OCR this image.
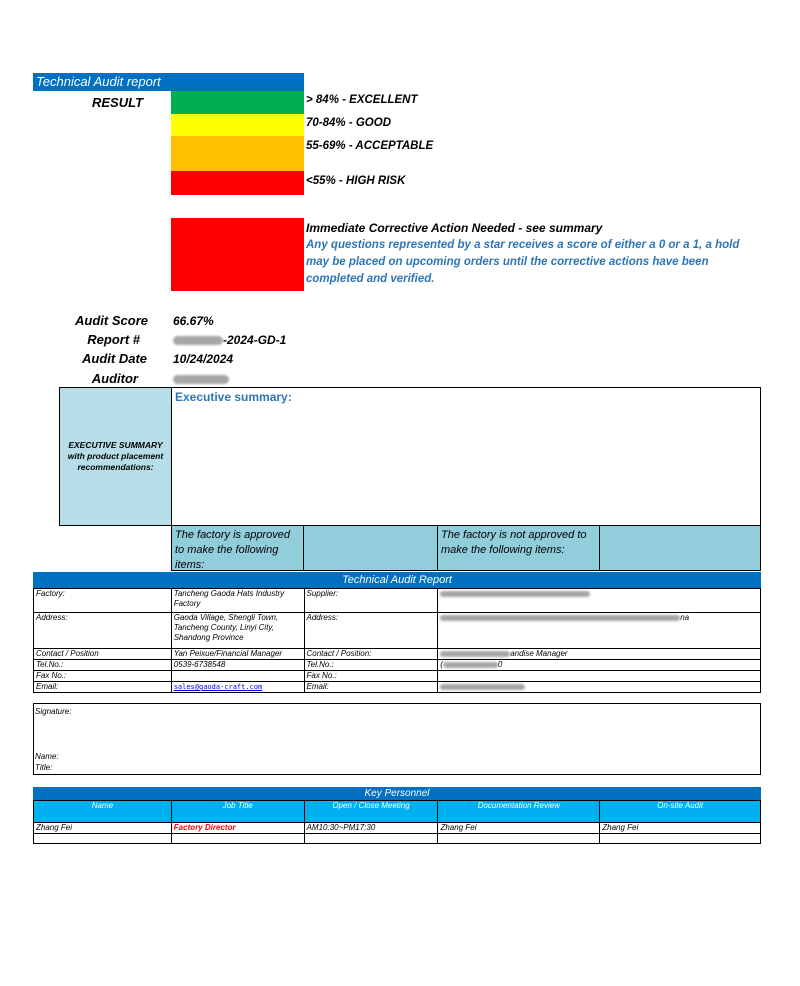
Technical Audit report
RESULT	> 84% - EXCELLENT
70-84% - GOOD
55-69% - ACCEPTABLE
<55% - HIGH RISK
Immediate Corrective Action Needed - see summary
Any questions represented by a star receives a score of either a 0 or a 1, a hold may be placed on upcoming orders until the corrective actions have been completed and verified.
Audit Score 66.67%
Report #	-2024-GD-1
Audit Date 10/24/2024
Auditor
EXECUTIVE SUMMARY with product placement recommendations:
Executive summary:
The factory is approved to make the following items:
The factory is not approved to make the following items:
Technical Audit Report
Factory:	Tancheng Gaoda Hats Industry Factory	Supplier:	
Address:	Gaoda Village, Shengli Town, Tancheng County, Linyi City, Shandong Province	Address:	na
Contact / Position	Yan Peixue/Financial Manager	Contact / Position:	andise Manager
Tel.No.:	0539-6738548	Tel.No.:	( 0
Fax No.:		Fax No.:	
Email:	sales@gaoda-craft.com	Email:	
Signature:
Name:
Title:
Key Personnel
Name	Job Title	Open / Close Meeting	Documentation Review	On-site Audit
Zhang Fei	Factory Director	AM10:30~PM17:30	Zhang Fei	Zhang Fei
